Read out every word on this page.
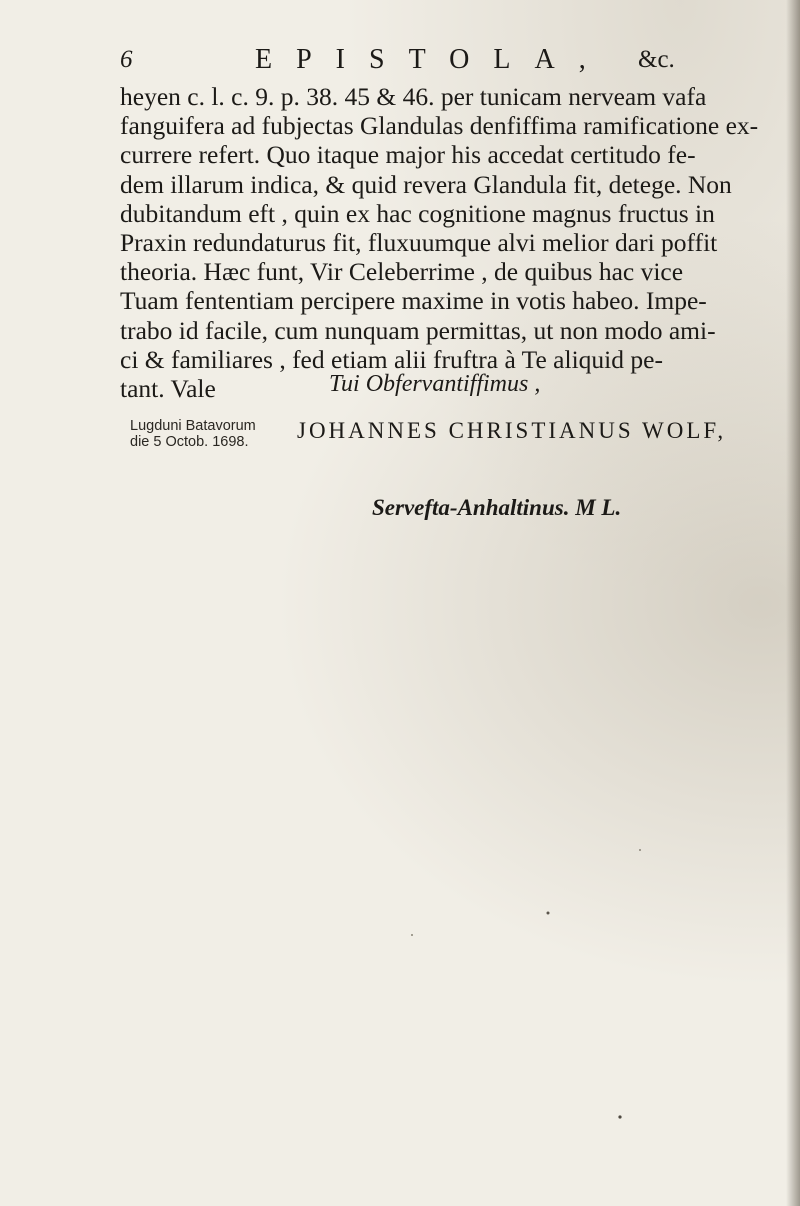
6	EPISTOLA, &c.
heyen c. l. c. 9. p. 38. 45 & 46. per tunicam nerveam vafa
fanguifera ad fubjectas Glandulas denfiffima ramificatione ex-
currere refert. Quo itaque major his accedat certitudo fe-
dem illarum indica, & quid revera Glandula fit, detege. Non
dubitandum eft , quin ex hac cognitione magnus fructus in
Praxin redundaturus fit, fluxuumque alvi melior dari poffit
theoria. Hæc funt, Vir Celeberrime , de quibus hac vice
Tuam fententiam percipere maxime in votis habeo. Impe-
trabo id facile, cum nunquam permittas, ut non modo ami-
ci & familiares , fed etiam alii fruftra à Te aliquid pe-
tant. Vale	Tui Obfervantiffimus ,
Lugduni Batavorum
die 5 Octob. 1698.	JOHANNES CHRISTIANUS WOLF,
Servefta-Anhaltinus. M L.
